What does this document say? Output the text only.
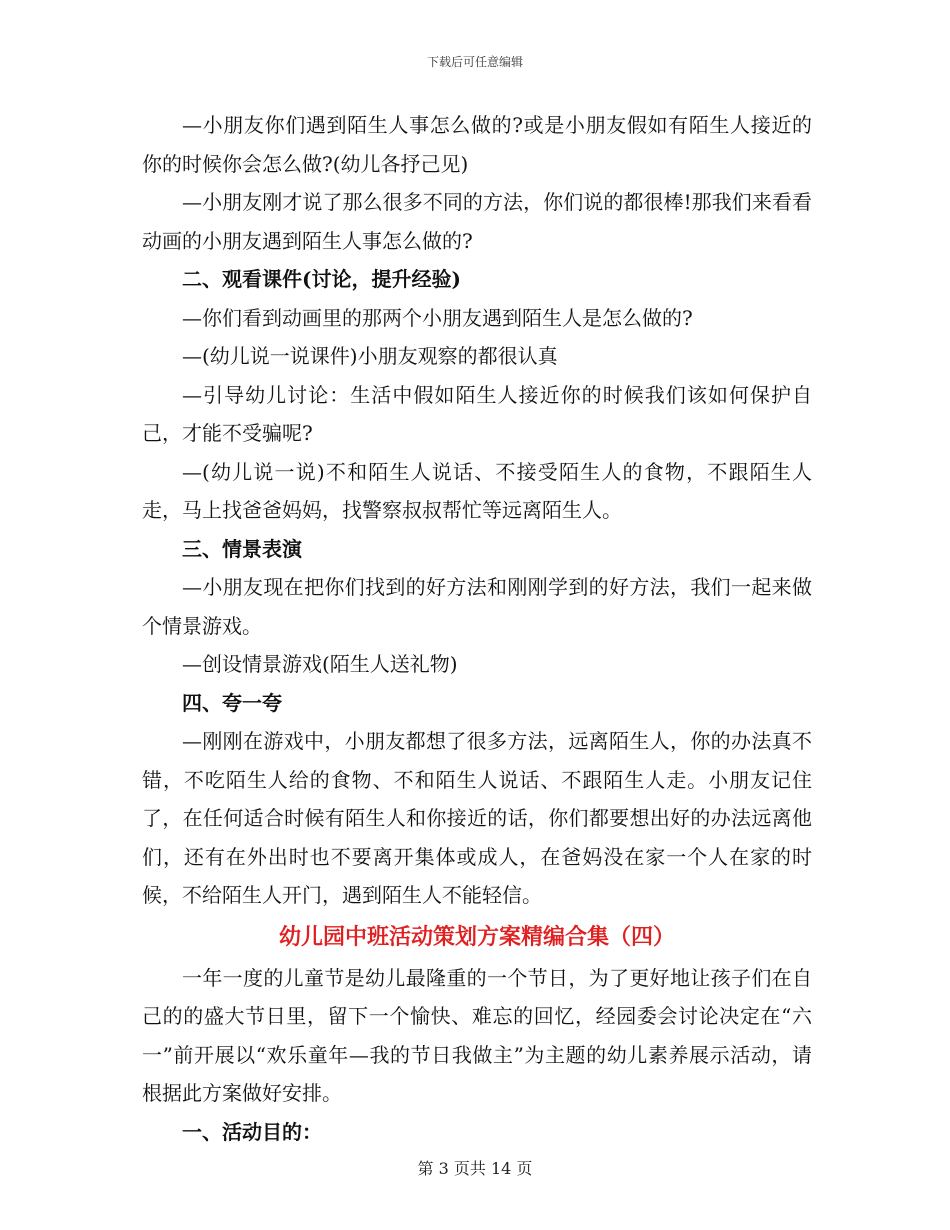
下载后可任意编辑

—小朋友你们遇到陌生人事怎么做的?或是小朋友假如有陌生人接近的你的时候你会怎么做?(幼儿各抒己见)

—小朋友刚才说了那么很多不同的方法，你们说的都很棒!那我们来看看动画的小朋友遇到陌生人事怎么做的?

二、观看课件(讨论，提升经验)

—你们看到动画里的那两个小朋友遇到陌生人是怎么做的?

—(幼儿说一说课件)小朋友观察的都很认真

—引导幼儿讨论：生活中假如陌生人接近你的时候我们该如何保护自己，才能不受骗呢?

—(幼儿说一说)不和陌生人说话、不接受陌生人的食物，不跟陌生人走，马上找爸爸妈妈，找警察叔叔帮忙等远离陌生人。

三、情景表演

—小朋友现在把你们找到的好方法和刚刚学到的好方法，我们一起来做个情景游戏。

—创设情景游戏(陌生人送礼物)

四、夸一夸

—刚刚在游戏中，小朋友都想了很多方法，远离陌生人，你的办法真不错，不吃陌生人给的食物、不和陌生人说话、不跟陌生人走。小朋友记住了，在任何适合时候有陌生人和你接近的话，你们都要想出好的办法远离他们，还有在外出时也不要离开集体或成人，在爸妈没在家一个人在家的时候，不给陌生人开门，遇到陌生人不能轻信。

幼儿园中班活动策划方案精编合集（四）

一年一度的儿童节是幼儿最隆重的一个节日，为了更好地让孩子们在自己的的盛大节日里，留下一个愉快、难忘的回忆，经园委会讨论决定在“六一”前开展以“欢乐童年—我的节日我做主”为主题的幼儿素养展示活动，请根据此方案做好安排。

一、活动目的：

第 3 页共 14 页
